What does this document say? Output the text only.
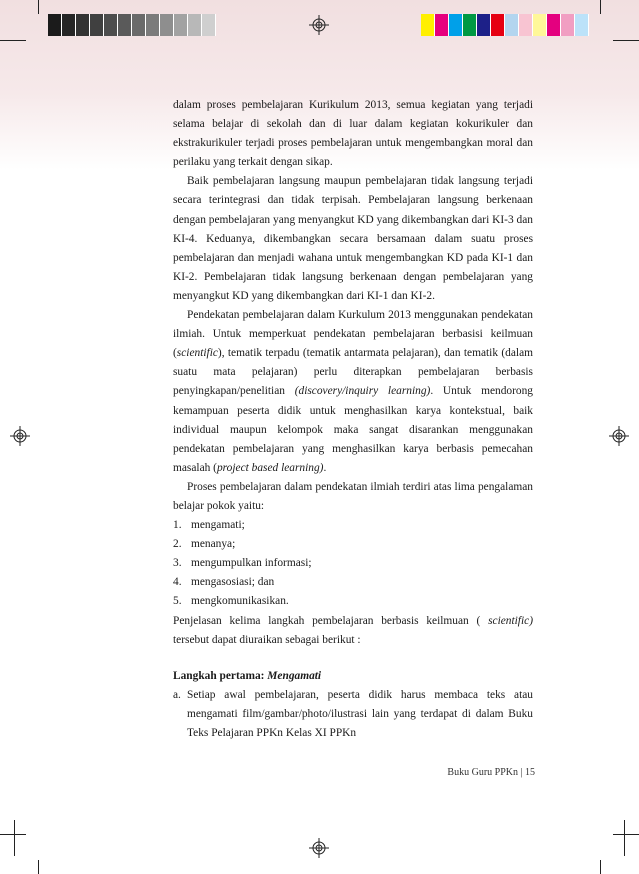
dalam proses pembelajaran Kurikulum 2013, semua kegiatan yang terjadi selama belajar di sekolah dan di luar dalam kegiatan kokurikuler dan ekstrakurikuler terjadi proses pembelajaran untuk mengembangkan moral dan perilaku yang terkait dengan sikap.

Baik pembelajaran langsung maupun pembelajaran tidak langsung terjadi secara terintegrasi dan tidak terpisah. Pembelajaran langsung berkenaan dengan pembelajaran yang menyangkut KD yang dikembangkan dari KI-3 dan KI-4. Keduanya, dikembangkan secara bersamaan dalam suatu proses pembelajaran dan menjadi wahana untuk mengembangkan KD pada KI-1 dan KI-2. Pembelajaran tidak langsung berkenaan dengan pembelajaran yang menyangkut KD yang dikembangkan dari KI-1 dan KI-2.

Pendekatan pembelajaran dalam Kurkulum 2013 menggunakan pendekatan ilmiah. Untuk memperkuat pendekatan pembelajaran berbasisi keilmuan (scientific), tematik terpadu (tematik antarmata pelajaran), dan tematik (dalam suatu mata pelajaran) perlu diterapkan pembelajaran berbasis penyingkapan/penelitian (discovery/inquiry learning). Untuk mendorong kemampuan peserta didik untuk menghasilkan karya kontekstual, baik individual maupun kelompok maka sangat disarankan menggunakan pendekatan pembelajaran yang menghasilkan karya berbasis pemecahan masalah (project based learning).

Proses pembelajaran dalam pendekatan ilmiah terdiri atas lima pengalaman belajar pokok yaitu:

1. mengamati;
2. menanya;
3. mengumpulkan informasi;
4. mengasosiasi; dan
5. mengkomunikasikan.

Penjelasan kelima langkah pembelajaran berbasis keilmuan ( scientific) tersebut dapat diuraikan sebagai berikut :

Langkah pertama: Mengamati

a. Setiap awal pembelajaran, peserta didik harus membaca teks atau mengamati film/gambar/photo/ilustrasi lain yang terdapat di dalam Buku Teks Pelajaran PPKn Kelas XI PPKn
Buku Guru PPKn | 15
